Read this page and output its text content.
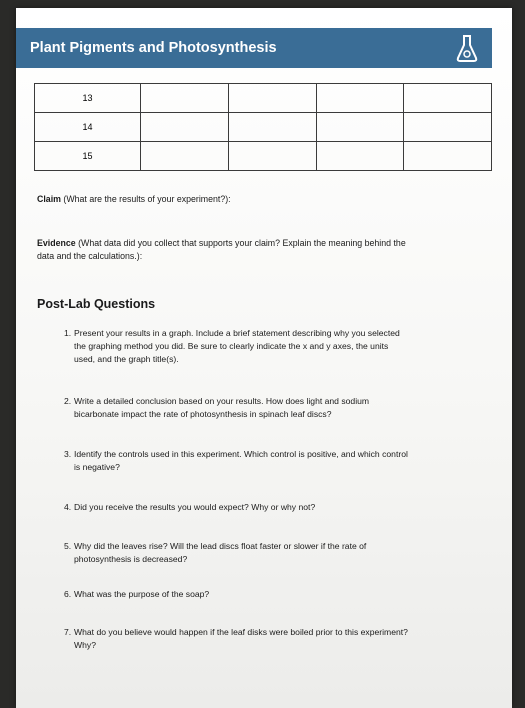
Plant Pigments and Photosynthesis
13				
14				
15				
Claim (What are the results of your experiment?):
Evidence (What data did you collect that supports your claim? Explain the meaning behind the
data and the calculations.):
Post-Lab Questions
1. Present your results in a graph. Include a brief statement describing why you selected
the graphing method you did. Be sure to clearly indicate the x and y axes, the units
used, and the graph title(s).
2. Write a detailed conclusion based on your results. How does light and sodium
bicarbonate impact the rate of photosynthesis in spinach leaf discs?
3. Identify the controls used in this experiment. Which control is positive, and which control
is negative?
4. Did you receive the results you would expect? Why or why not?
5. Why did the leaves rise? Will the lead discs float faster or slower if the rate of
photosynthesis is decreased?
6. What was the purpose of the soap?
7. What do you believe would happen if the leaf disks were boiled prior to this experiment?
Why?
